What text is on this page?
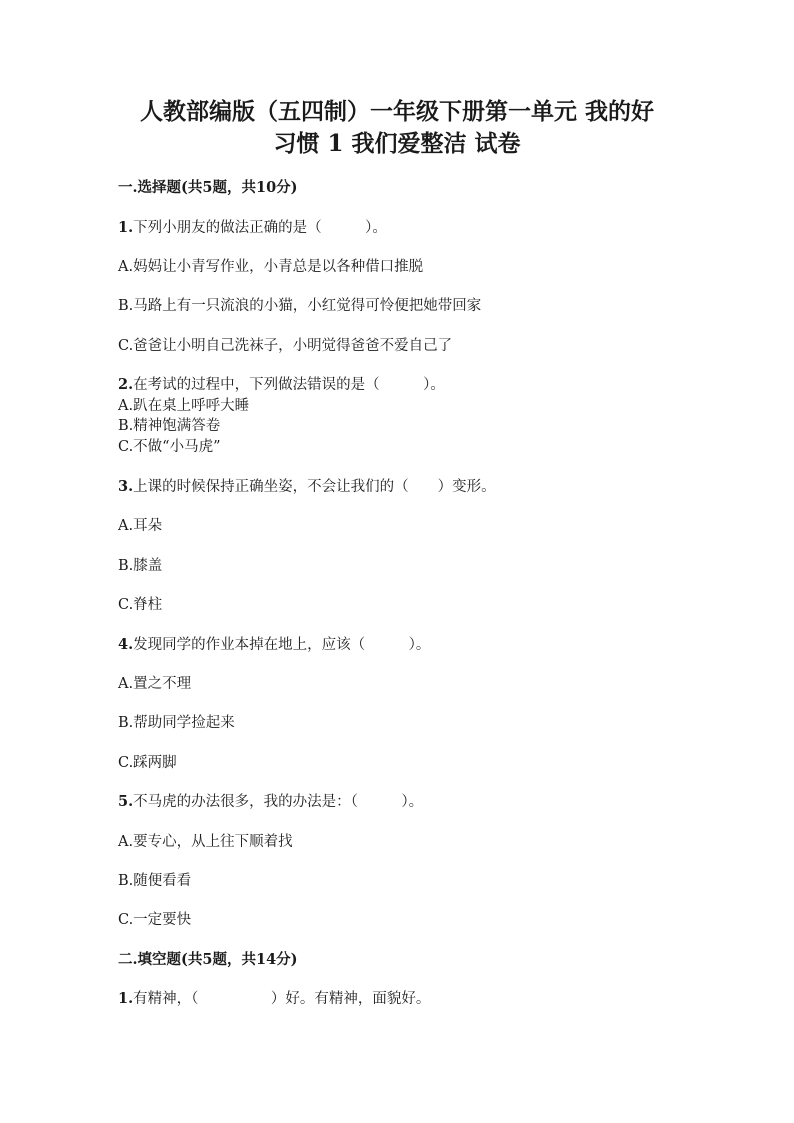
人教部编版（五四制）一年级下册第一单元 我的好
习惯 1 我们爱整洁 试卷
一.选择题(共5题，共10分)
1.下列小朋友的做法正确的是（　　　）。
A.妈妈让小青写作业，小青总是以各种借口推脱
B.马路上有一只流浪的小猫，小红觉得可怜便把她带回家
C.爸爸让小明自己洗袜子，小明觉得爸爸不爱自己了
2.在考试的过程中，下列做法错误的是（　　　）。
A.趴在桌上呼呼大睡
B.精神饱满答卷
C.不做“小马虎”
3.上课的时候保持正确坐姿，不会让我们的（　　）变形。
A.耳朵
B.膝盖
C.脊柱
4.发现同学的作业本掉在地上，应该（　　　）。
A.置之不理
B.帮助同学捡起来
C.踩两脚
5.不马虎的办法很多，我的办法是：（　　　）。
A.要专心，从上往下顺着找
B.随便看看
C.一定要快
二.填空题(共5题，共14分)
1.有精神，（　　　　　）好。有精神，面貌好。
